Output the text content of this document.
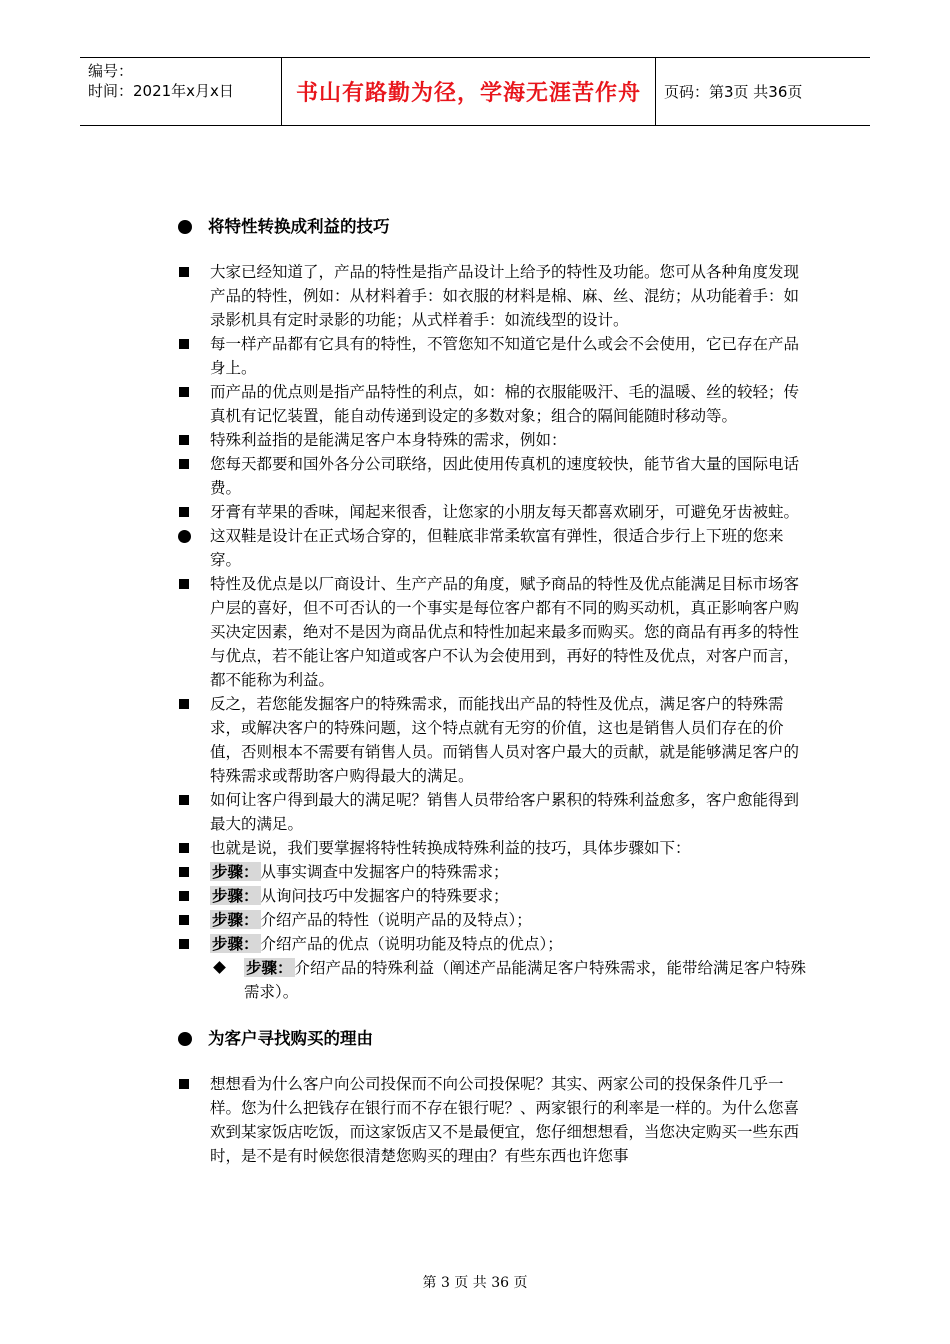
编号：
时间：2021年x月x日	书山有路勤为径，学海无涯苦作舟	页码：第3页 共36页
将特性转换成利益的技巧
大家已经知道了，产品的特性是指产品设计上给予的特性及功能。您可从各种角度发现产品的特性，例如：从材料着手：如衣服的材料是棉、麻、丝、混纺；从功能着手：如录影机具有定时录影的功能；从式样着手：如流线型的设计。
每一样产品都有它具有的特性，不管您知不知道它是什么或会不会使用，它已存在产品身上。
而产品的优点则是指产品特性的利点，如：棉的衣服能吸汗、毛的温暖、丝的较轻；传真机有记忆装置，能自动传递到设定的多数对象；组合的隔间能随时移动等。
特殊利益指的是能满足客户本身特殊的需求，例如：
您每天都要和国外各分公司联络，因此使用传真机的速度较快，能节省大量的国际电话费。
牙膏有苹果的香味，闻起来很香，让您家的小朋友每天都喜欢刷牙，可避免牙齿被蛀。
这双鞋是设计在正式场合穿的，但鞋底非常柔软富有弹性，很适合步行上下班的您来穿。
特性及优点是以厂商设计、生产产品的角度，赋予商品的特性及优点能满足目标市场客户层的喜好，但不可否认的一个事实是每位客户都有不同的购买动机，真正影响客户购买决定因素，绝对不是因为商品优点和特性加起来最多而购买。您的商品有再多的特性与优点，若不能让客户知道或客户不认为会使用到，再好的特性及优点，对客户而言，都不能称为利益。
反之，若您能发掘客户的特殊需求，而能找出产品的特性及优点，满足客户的特殊需求，或解决客户的特殊问题，这个特点就有无穷的价值，这也是销售人员们存在的价值，否则根本不需要有销售人员。而销售人员对客户最大的贡献，就是能够满足客户的特殊需求或帮助客户购得最大的满足。
如何让客户得到最大的满足呢？销售人员带给客户累积的特殊利益愈多，客户愈能得到最大的满足。
也就是说，我们要掌握将特性转换成特殊利益的技巧，具体步骤如下：
步骤： 从事实调查中发掘客户的特殊需求；
步骤： 从询问技巧中发掘客户的特殊要求；
步骤： 介绍产品的特性（说明产品的及特点）；
步骤： 介绍产品的优点（说明功能及特点的优点）；
步骤： 介绍产品的特殊利益（阐述产品能满足客户特殊需求，能带给满足客户特殊需求）。
为客户寻找购买的理由
想想看为什么客户向公司投保而不向公司投保呢？其实、两家公司的投保条件几乎一样。您为什么把钱存在银行而不存在银行呢？、两家银行的利率是一样的。为什么您喜欢到某家饭店吃饭，而这家饭店又不是最便宜，您仔细想想看，当您决定购买一些东西时，是不是有时候您很清楚您购买的理由？有些东西也许您事
第 3 页 共 36 页
